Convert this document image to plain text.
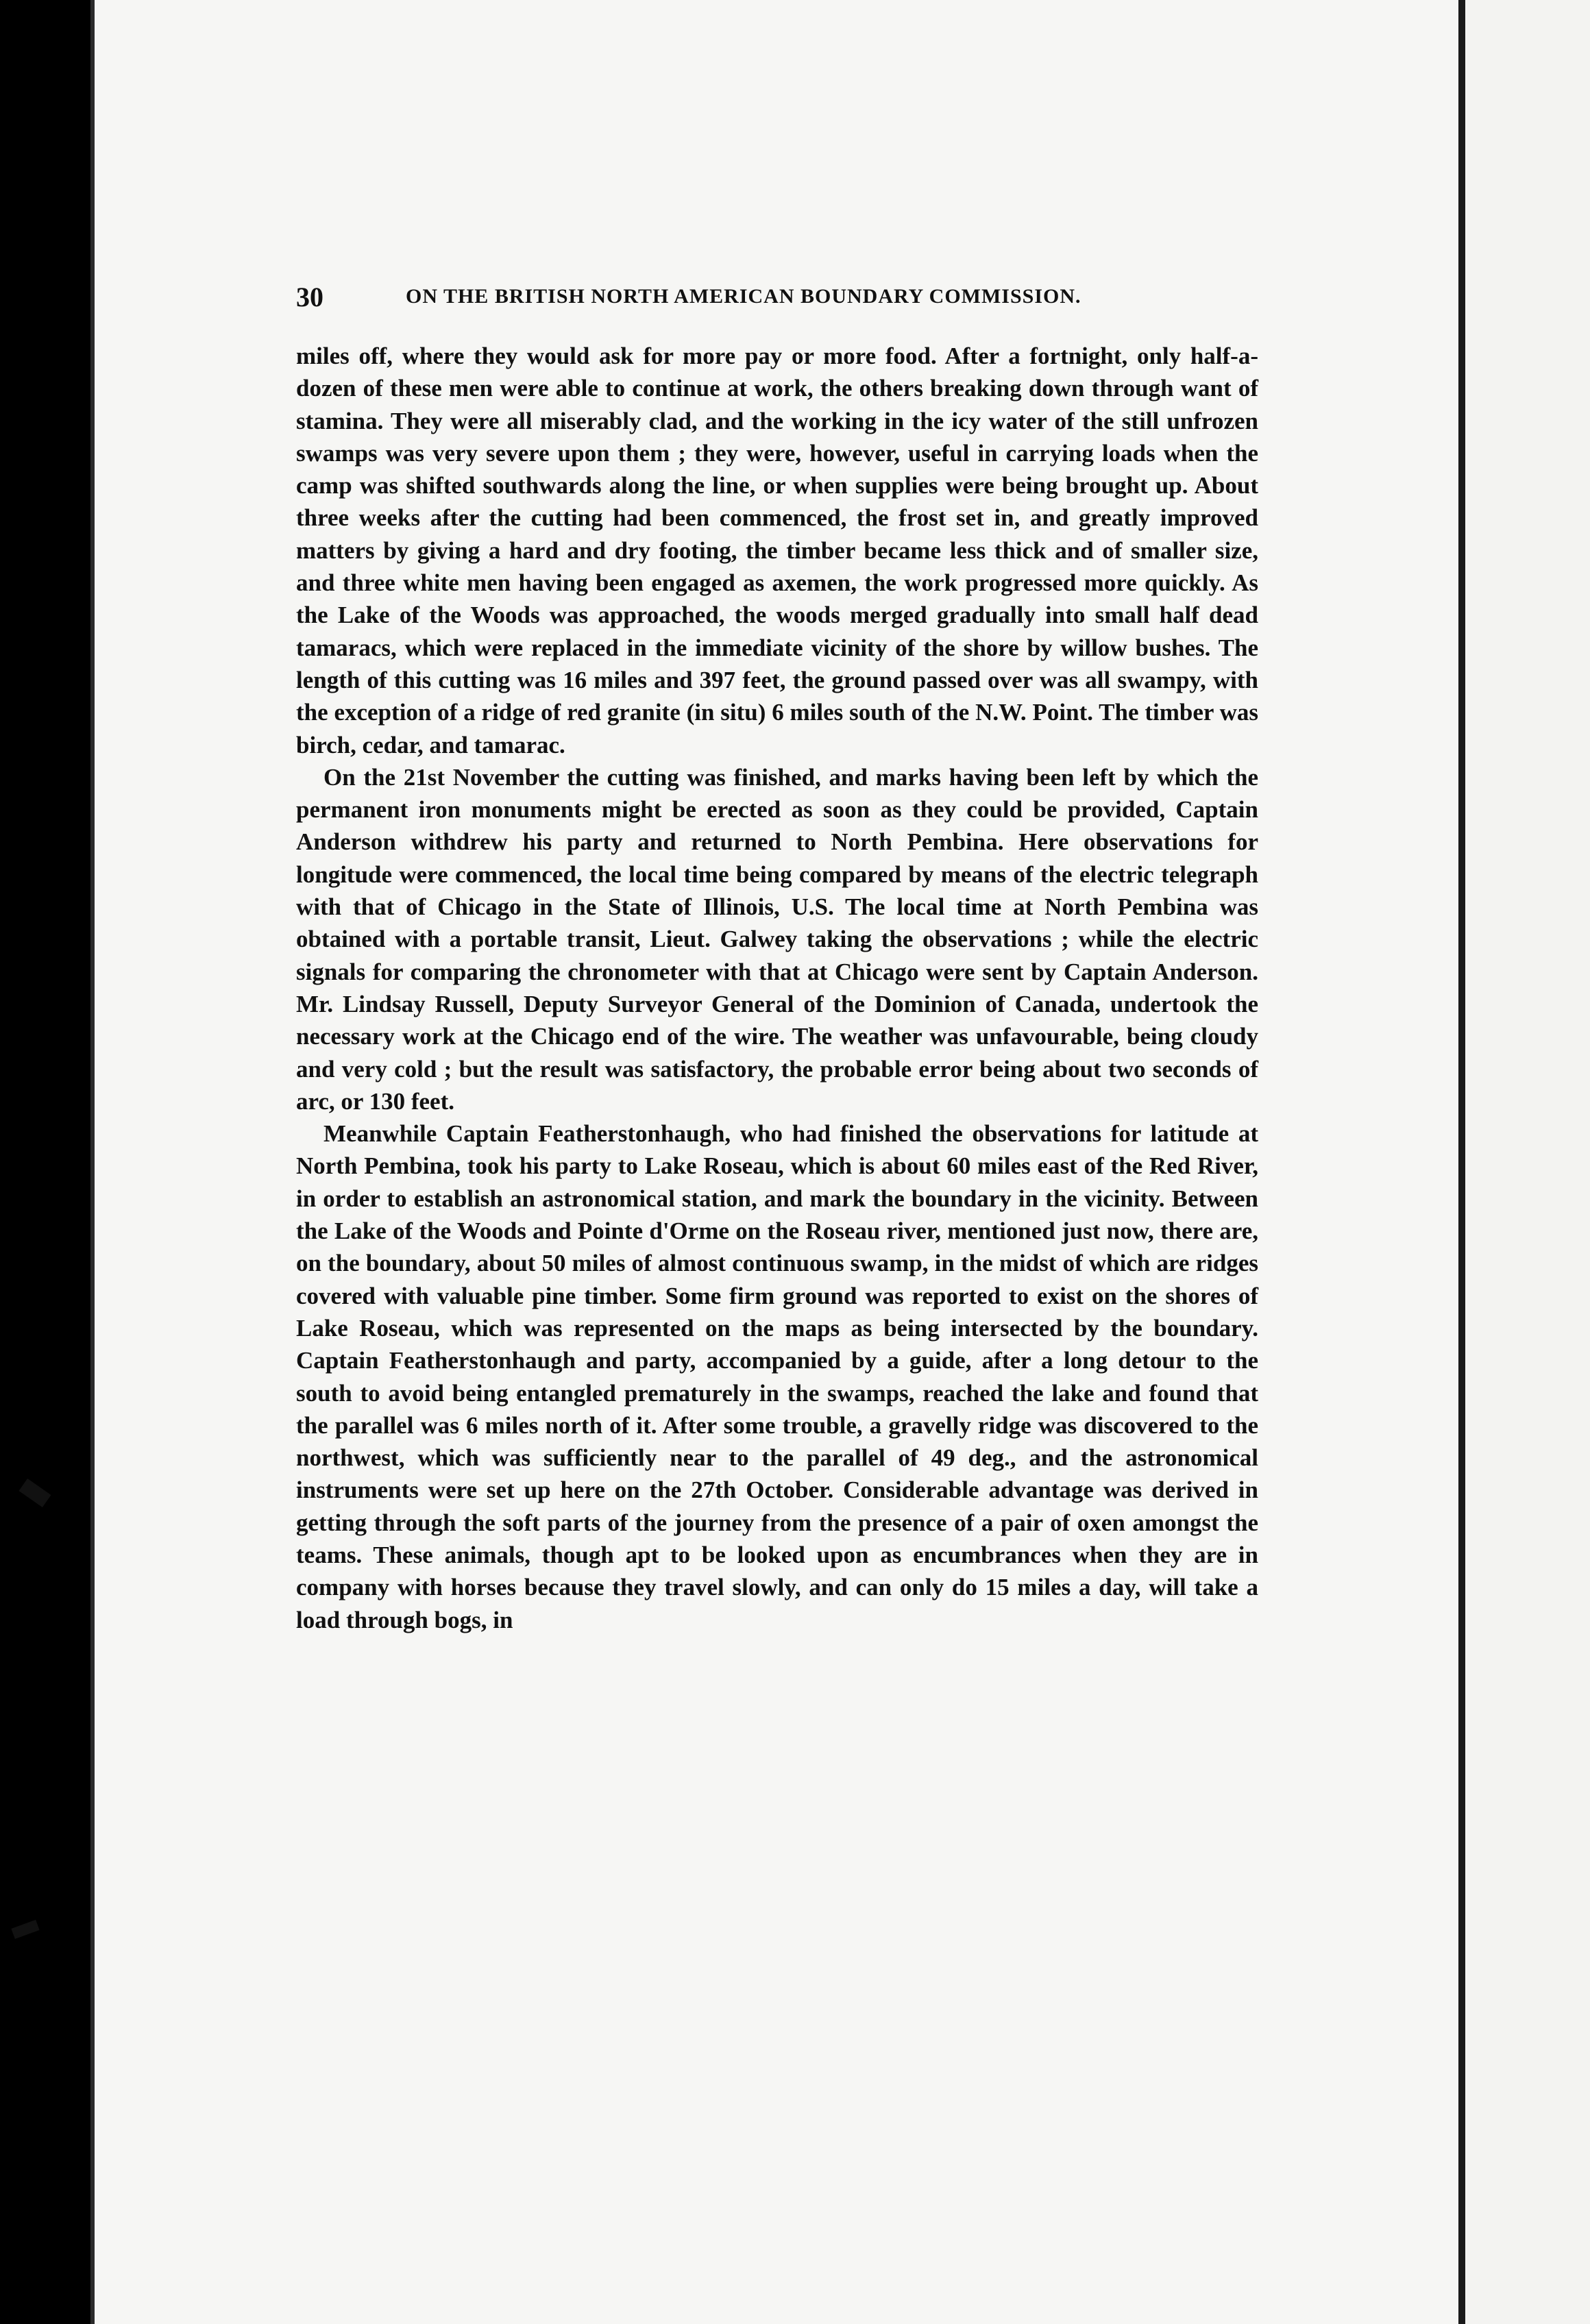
30	ON THE BRITISH NORTH AMERICAN BOUNDARY COMMISSION.

miles off, where they would ask for more pay or more food. After a fortnight, only half-a-dozen of these men were able to continue at work, the others breaking down through want of stamina. They were all miserably clad, and the working in the icy water of the still unfrozen swamps was very severe upon them ; they were, however, useful in carrying loads when the camp was shifted southwards along the line, or when supplies were being brought up. About three weeks after the cutting had been commenced, the frost set in, and greatly improved matters by giving a hard and dry footing, the timber became less thick and of smaller size, and three white men having been engaged as axemen, the work progressed more quickly. As the Lake of the Woods was approached, the woods merged gradually into small half dead tamaracs, which were replaced in the immediate vicinity of the shore by willow bushes. The length of this cutting was 16 miles and 397 feet, the ground passed over was all swampy, with the exception of a ridge of red granite (in situ) 6 miles south of the N.W. Point. The timber was birch, cedar, and tamarac.

On the 21st November the cutting was finished, and marks having been left by which the permanent iron monuments might be erected as soon as they could be provided, Captain Anderson withdrew his party and returned to North Pembina. Here observations for longitude were commenced, the local time being compared by means of the electric telegraph with that of Chicago in the State of Illinois, U.S. The local time at North Pembina was obtained with a portable transit, Lieut. Galwey taking the observations ; while the electric signals for comparing the chronometer with that at Chicago were sent by Captain Anderson. Mr. Lindsay Russell, Deputy Surveyor General of the Dominion of Canada, undertook the necessary work at the Chicago end of the wire. The weather was unfavourable, being cloudy and very cold ; but the result was satisfactory, the probable error being about two seconds of arc, or 130 feet.

Meanwhile Captain Featherstonhaugh, who had finished the observations for latitude at North Pembina, took his party to Lake Roseau, which is about 60 miles east of the Red River, in order to establish an astronomical station, and mark the boundary in the vicinity. Between the Lake of the Woods and Pointe d'Orme on the Roseau river, mentioned just now, there are, on the boundary, about 50 miles of almost continuous swamp, in the midst of which are ridges covered with valuable pine timber. Some firm ground was reported to exist on the shores of Lake Roseau, which was represented on the maps as being intersected by the boundary. Captain Featherstonhaugh and party, accompanied by a guide, after a long detour to the south to avoid being entangled prematurely in the swamps, reached the lake and found that the parallel was 6 miles north of it. After some trouble, a gravelly ridge was discovered to the northwest, which was sufficiently near to the parallel of 49 deg., and the astronomical instruments were set up here on the 27th October. Considerable advantage was derived in getting through the soft parts of the journey from the presence of a pair of oxen amongst the teams. These animals, though apt to be looked upon as encumbrances when they are in company with horses because they travel slowly, and can only do 15 miles a day, will take a load through bogs, in
